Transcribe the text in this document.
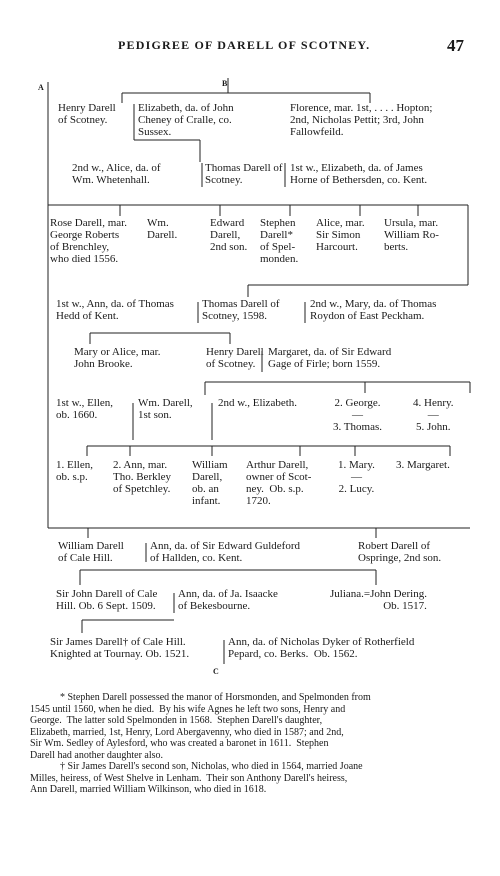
PEDIGREE OF DARELL OF SCOTNEY.	47
A	B
C
Henry Darell
of Scotney.
Elizabeth, da. of John
Cheney of Cralle, co.
Sussex.
Florence, mar. 1st, . . . . Hopton;
2nd, Nicholas Pettit; 3rd, John
Fallowfeild.
2nd w., Alice, da. of
Wm. Whetenhall.
Thomas Darell of
Scotney.
1st w., Elizabeth, da. of James
Horne of Bethersden, co. Kent.
Rose Darell, mar.
George Roberts
of Brenchley,
who died 1556.
Wm.
Darell.
Edward
Darell,
2nd son.
Stephen
Darell*
of Spel-
monden.
Alice, mar.
Sir Simon
Harcourt.
Ursula, mar.
William Ro-
berts.
1st w., Ann, da. of Thomas
Hedd of Kent.
Thomas Darell of
Scotney, 1598.
2nd w., Mary, da. of Thomas
Roydon of East Peckham.
Mary or Alice, mar.
John Brooke.
Henry Darell
of Scotney.
Margaret, da. of Sir Edward
Gage of Firle; born 1559.
1st w., Ellen,
ob. 1660.
Wm. Darell,
1st son.
2nd w., Elizabeth.	2. George.
—
3. Thomas.
4. Henry.
—
5. John.
1. Ellen,
ob. s.p.
2. Ann, mar.
Tho. Berkley
of Spetchley.
William
Darell,
ob. an
infant.
Arthur Darell,
owner of Scot-
ney.  Ob. s.p.
1720.
1. Mary.
—
2. Lucy.
3. Margaret.
William Darell
of Cale Hill.
Ann, da. of Sir Edward Guldeford
of Hallden, co. Kent.
Robert Darell of
Ospringe, 2nd son.
Sir John Darell of Cale
Hill. Ob. 6 Sept. 1509.
Ann, da. of Ja. Isaacke
of Bekesbourne.
Juliana.=John Dering.
Ob. 1517.
Sir James Darell† of Cale Hill.
Knighted at Tournay. Ob. 1521.
Ann, da. of Nicholas Dyker of Rotherfield
Pepard, co. Berks.  Ob. 1562.
* Stephen Darell possessed the manor of Horsmonden, and Spelmonden from
1545 until 1560, when he died.  By his wife Agnes he left two sons, Henry and
George.  The latter sold Spelmonden in 1568.  Stephen Darell's daughter,
Elizabeth, married, 1st, Henry, Lord Abergavenny, who died in 1587; and 2nd,
Sir Wm. Sedley of Aylesford, who was created a baronet in 1611.  Stephen
Darell had another daughter also.
† Sir James Darell's second son, Nicholas, who died in 1564, married Joane
Milles, heiress, of West Shelve in Lenham.  Their son Anthony Darell's heiress,
Ann Darell, married William Wilkinson, who died in 1618.
